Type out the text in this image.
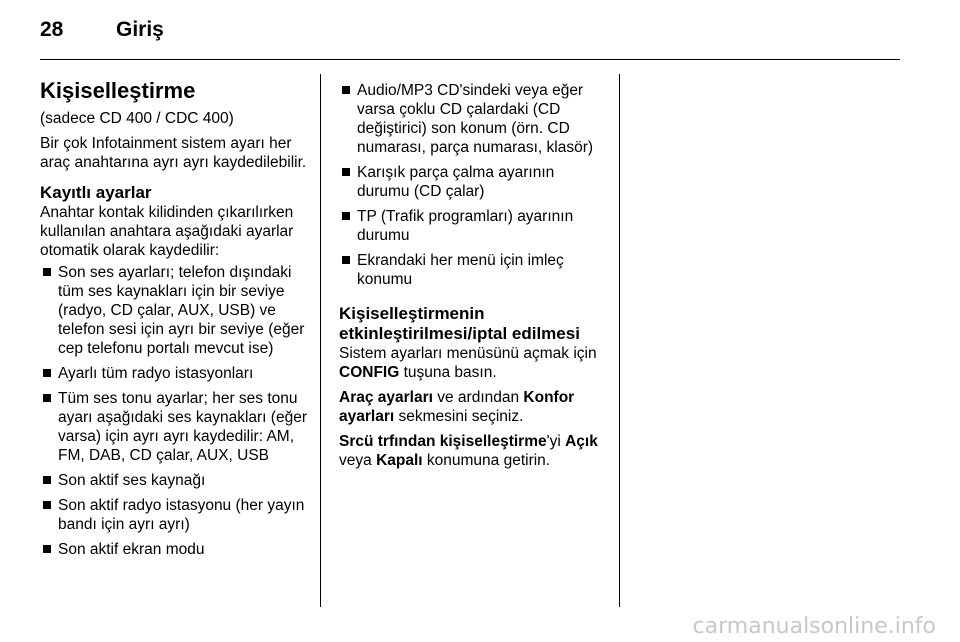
28	Giriş
Kişiselleştirme

(sadece CD 400 / CDC 400)

Bir çok Infotainment sistem ayarı her araç anahtarına ayrı ayrı kaydedilebilir.

Kayıtlı ayarlar

Anahtar kontak kilidinden çıkarılırken kullanılan anahtara aşağıdaki ayarlar otomatik olarak kaydedilir:

Son ses ayarları; telefon dışındaki tüm ses kaynakları için bir seviye (radyo, CD çalar, AUX, USB) ve telefon sesi için ayrı bir seviye (eğer cep telefonu portalı mevcut ise)
Ayarlı tüm radyo istasyonları
Tüm ses tonu ayarlar; her ses tonu ayarı aşağıdaki ses kaynakları (eğer varsa) için ayrı ayrı kaydedilir: AM, FM, DAB, CD çalar, AUX, USB
Son aktif ses kaynağı
Son aktif radyo istasyonu (her yayın bandı için ayrı ayrı)
Son aktif ekran modu
Audio/MP3 CD'sindeki veya eğer varsa çoklu CD çalardaki (CD değiştirici) son konum (örn. CD numarası, parça numarası, klasör)
Karışık parça çalma ayarının durumu (CD çalar)
TP (Trafik programları) ayarının durumu
Ekrandaki her menü için imleç konumu
Kişiselleştirmenin etkinleştirilmesi/iptal edilmesi

Sistem ayarları menüsünü açmak için CONFIG tuşuna basın.

Araç ayarları ve ardından Konfor ayarları sekmesini seçiniz.

Srcü trfından kişiselleştirme'yi Açık veya Kapalı konumuna getirin.

carmanualsonline.info
